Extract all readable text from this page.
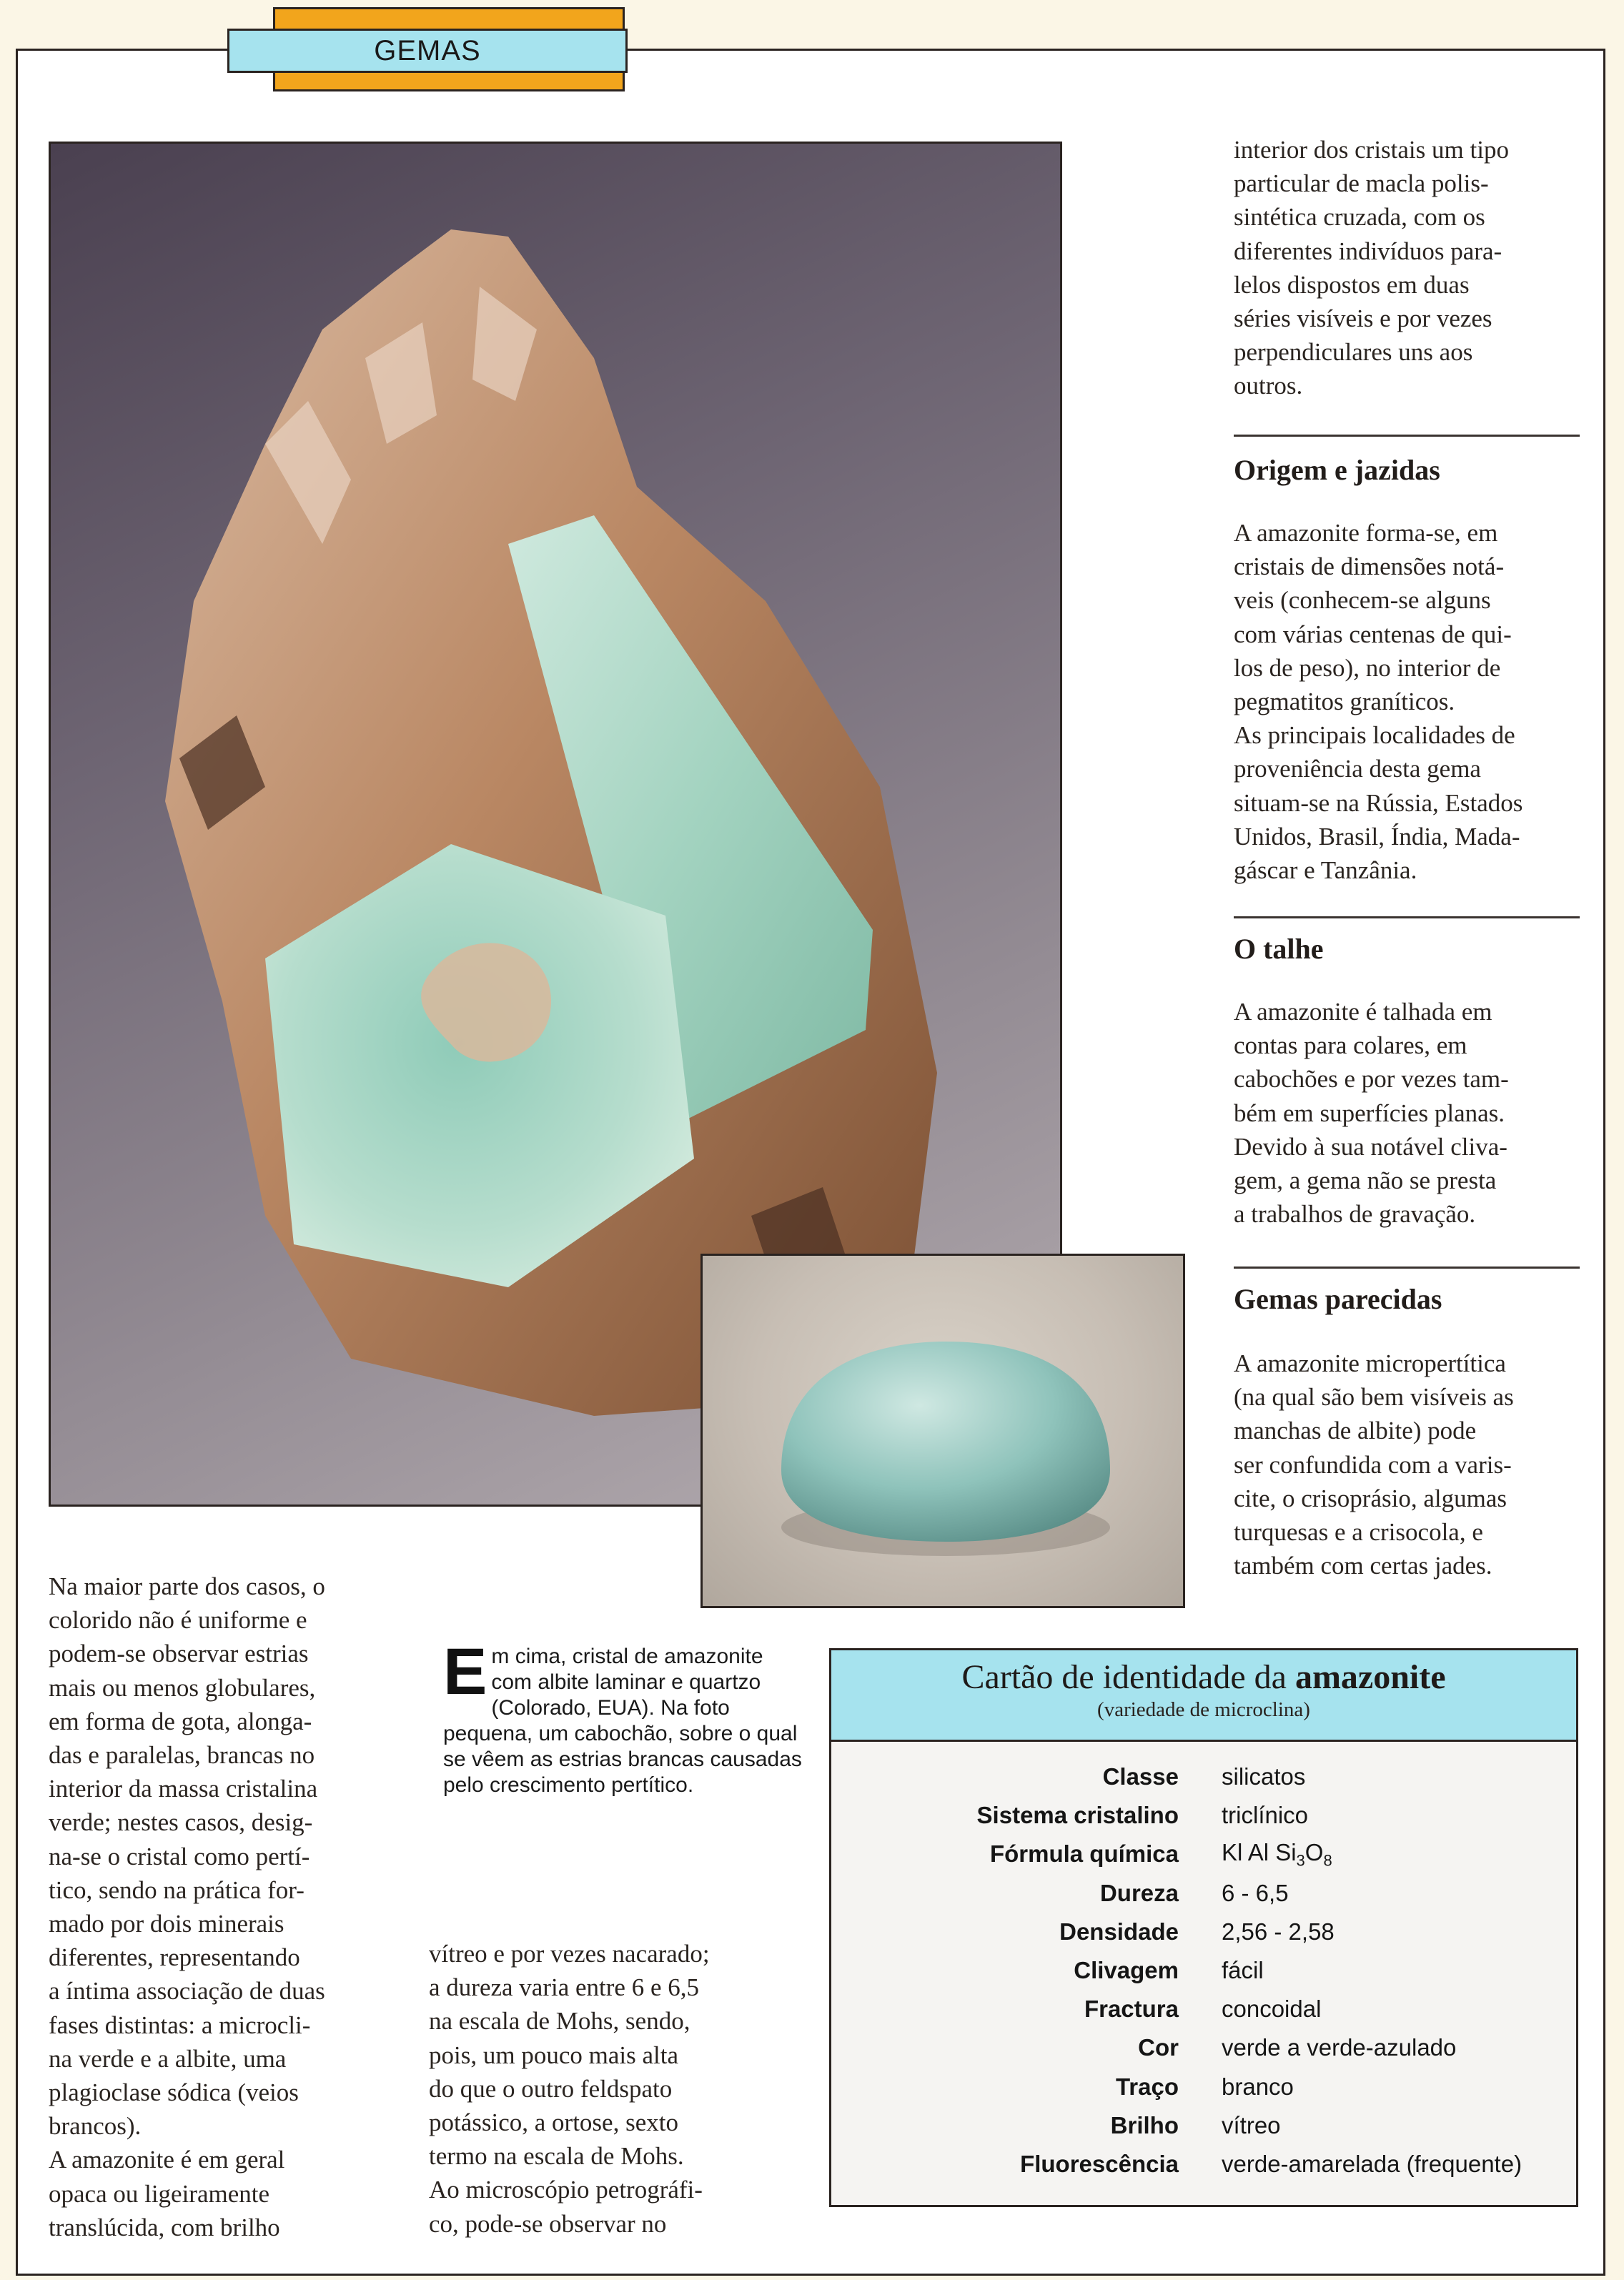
GEMAS

interior dos cristais um tipo
particular de macla polis-
sintética cruzada, com os
diferentes indivíduos para-
lelos dispostos em duas
séries visíveis e por vezes
perpendiculares uns aos
outros.

Origem e jazidas

A amazonite forma-se, em
cristais de dimensões notá-
veis (conhecem-se alguns
com várias centenas de qui-
los de peso), no interior de
pegmatitos graníticos.
As principais localidades de
proveniência desta gema
situam-se na Rússia, Estados
Unidos, Brasil, Índia, Mada-
gáscar e Tanzânia.

O talhe

A amazonite é talhada em
contas para colares, em
cabochões e por vezes tam-
bém em superfícies planas.
Devido à sua notável cliva-
gem, a gema não se presta
a trabalhos de gravação.

Gemas parecidas

A amazonite micropertítica
(na qual são bem visíveis as
manchas de albite) pode
ser confundida com a varis-
cite, o crisoprásio, algumas
turquesas e a crisocola, e
também com certas jades.

Na maior parte dos casos, o
colorido não é uniforme e
podem-se observar estrias
mais ou menos globulares,
em forma de gota, alonga-
das e paralelas, brancas no
interior da massa cristalina
verde; nestes casos, desig-
na-se o cristal como pertí-
tico, sendo na prática for-
mado por dois minerais
diferentes, representando
a íntima associação de duas
fases distintas: a microcli-
na verde e a albite, uma
plagioclase sódica (veios
brancos).
A amazonite é em geral
opaca ou ligeiramente
translúcida, com brilho

E m cima, cristal de amazonite com albite laminar e quartzo (Colorado, EUA). Na foto pequena, um cabochão, sobre o qual se vêem as estrias brancas causadas pelo crescimento pertítico.

vítreo e por vezes nacarado;
a dureza varia entre 6 e 6,5
na escala de Mohs, sendo,
pois, um pouco mais alta
do que o outro feldspato
potássico, a ortose, sexto
termo na escala de Mohs.
Ao microscópio petrográfi-
co, pode-se observar no

Cartão de identidade da amazonite
(variedade de microclina)
Classe silicatos
Sistema cristalino triclínico
Fórmula química Kl Al $Si_3O_8$
Dureza 6 - 6,5
Densidade 2,56 - 2,58
Clivagem fácil
Fractura concoidal
Cor verde a verde-azulado
Traço branco
Brilho vítreo
Fluorescência verde-amarelada (frequente)
